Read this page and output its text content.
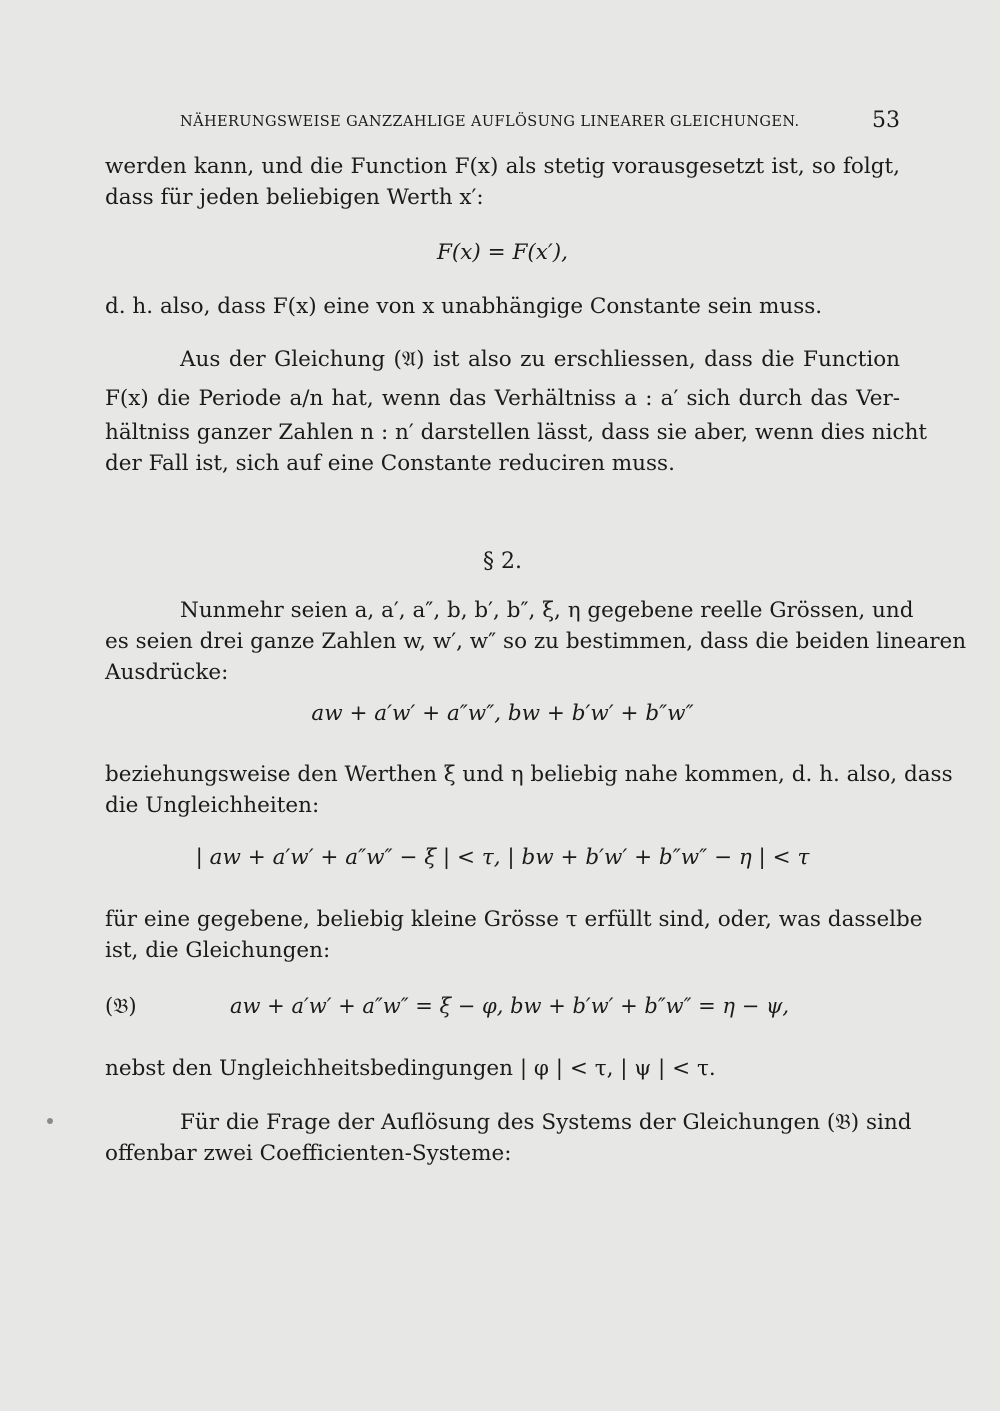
NÄHERUNGSWEISE GANZZAHLIGE AUFLÖSUNG LINEARER GLEICHUNGEN.	53
werden kann, und die Function F(x) als stetig vorausgesetzt ist, so folgt,
dass für jeden beliebigen Werth x′:
F(x) = F(x′),
d. h. also, dass F(x) eine von x unabhängige Constante sein muss.
Aus der Gleichung (𝔄) ist also zu erschliessen, dass die Function
F(x) die Periode a/n hat, wenn das Verhältniss a : a′ sich durch das Ver-
hältniss ganzer Zahlen n : n′ darstellen lässt, dass sie aber, wenn dies nicht
der Fall ist, sich auf eine Constante reduciren muss.
§ 2.
Nunmehr seien a, a′, a″, b, b′, b″, ξ, η gegebene reelle Grössen, und
es seien drei ganze Zahlen w, w′, w″ so zu bestimmen, dass die beiden linearen
Ausdrücke:
aw + a′w′ + a″w″, bw + b′w′ + b″w″
beziehungsweise den Werthen ξ und η beliebig nahe kommen, d. h. also, dass
die Ungleichheiten:
| aw + a′w′ + a″w″ − ξ | < τ, | bw + b′w′ + b″w″ − η | < τ
für eine gegebene, beliebig kleine Grösse τ erfüllt sind, oder, was dasselbe
ist, die Gleichungen:
(𝔅)	aw + a′w′ + a″w″ = ξ − φ, bw + b′w′ + b″w″ = η − ψ,
nebst den Ungleichheitsbedingungen | φ | < τ, | ψ | < τ.
Für die Frage der Auflösung des Systems der Gleichungen (𝔅) sind
offenbar zwei Coefficienten-Systeme:
